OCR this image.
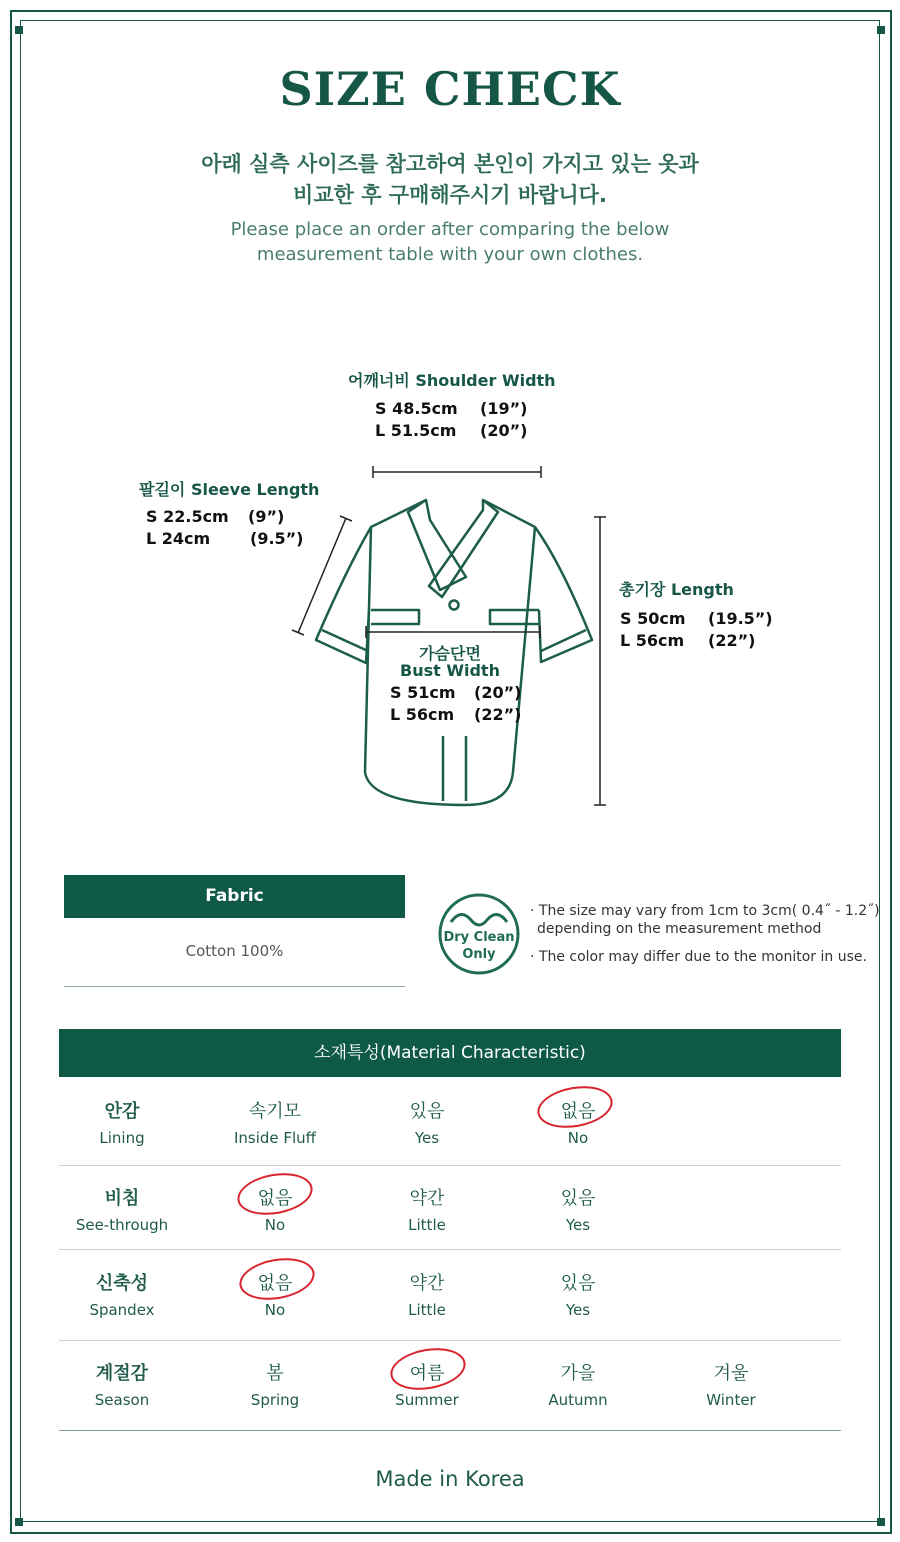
SIZE CHECK
아래 실측 사이즈를 참고하여 본인이 가지고 있는 옷과
비교한 후 구매해주시기 바랍니다.
Please place an order after comparing the below
measurement table with your own clothes.
어깨너비 Shoulder Width
S 48.5cm (19”)
L 51.5cm (20”)
팔길이 Sleeve Length
S 22.5cm (9”)
L 24cm (9.5”)
총기장 Length
S 50cm (19.5”)
L 56cm (22”)
가슴단면
Bust Width
S 51cm (20”)
L 56cm (22”)
Fabric
Cotton 100%
Dry Clean
Only
· The size may vary from 1cm to 3cm( 0.4˝ - 1.2˝)
depending on the measurement method
· The color may differ due to the monitor in use.
소재특성(Material Characteristic)
안감
Lining
속기모
Inside Fluff
있음
Yes
없음
No
비침
See-through
없음
No
약간
Little
있음
Yes
신축성
Spandex
없음
No
약간
Little
있음
Yes
계절감
Season
봄
Spring
여름
Summer
가을
Autumn
겨울
Winter
Made in Korea
